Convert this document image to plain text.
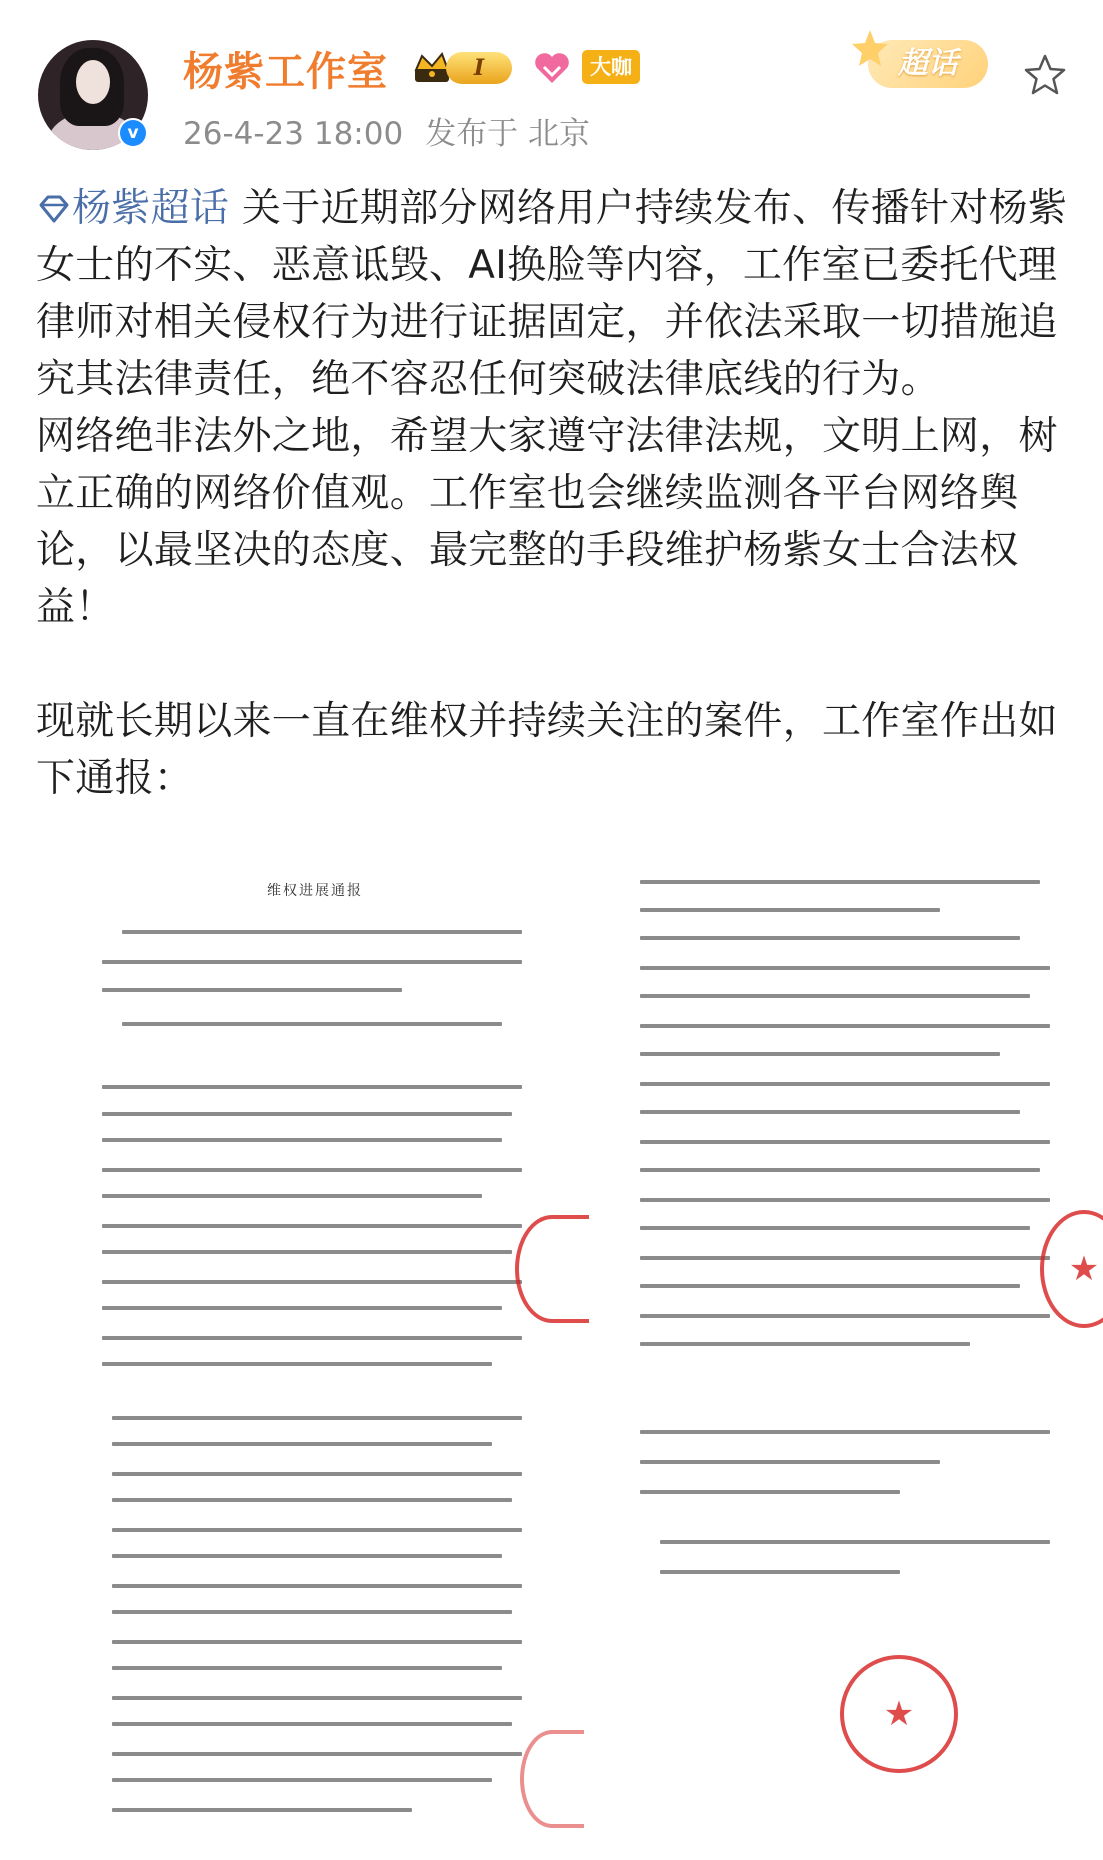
v
杨紫工作室	I	大咖
26-4-23 18:00 发布于 北京
超话

杨紫超话 关于近期部分网络用户持续发布、传播针对杨紫女士的不实、恶意诋毁、AI换脸等内容，工作室已委托代理律师对相关侵权行为进行证据固定，并依法采取一切措施追究其法律责任，绝不容忍任何突破法律底线的行为。

网络绝非法外之地，希望大家遵守法律法规，文明上网，树立正确的网络价值观。工作室也会继续监测各平台网络舆论，以最坚决的态度、最完整的手段维护杨紫女士合法权益！

现就长期以来一直在维权并持续关注的案件，工作室作出如下通报：

维权进展通报
★
★
